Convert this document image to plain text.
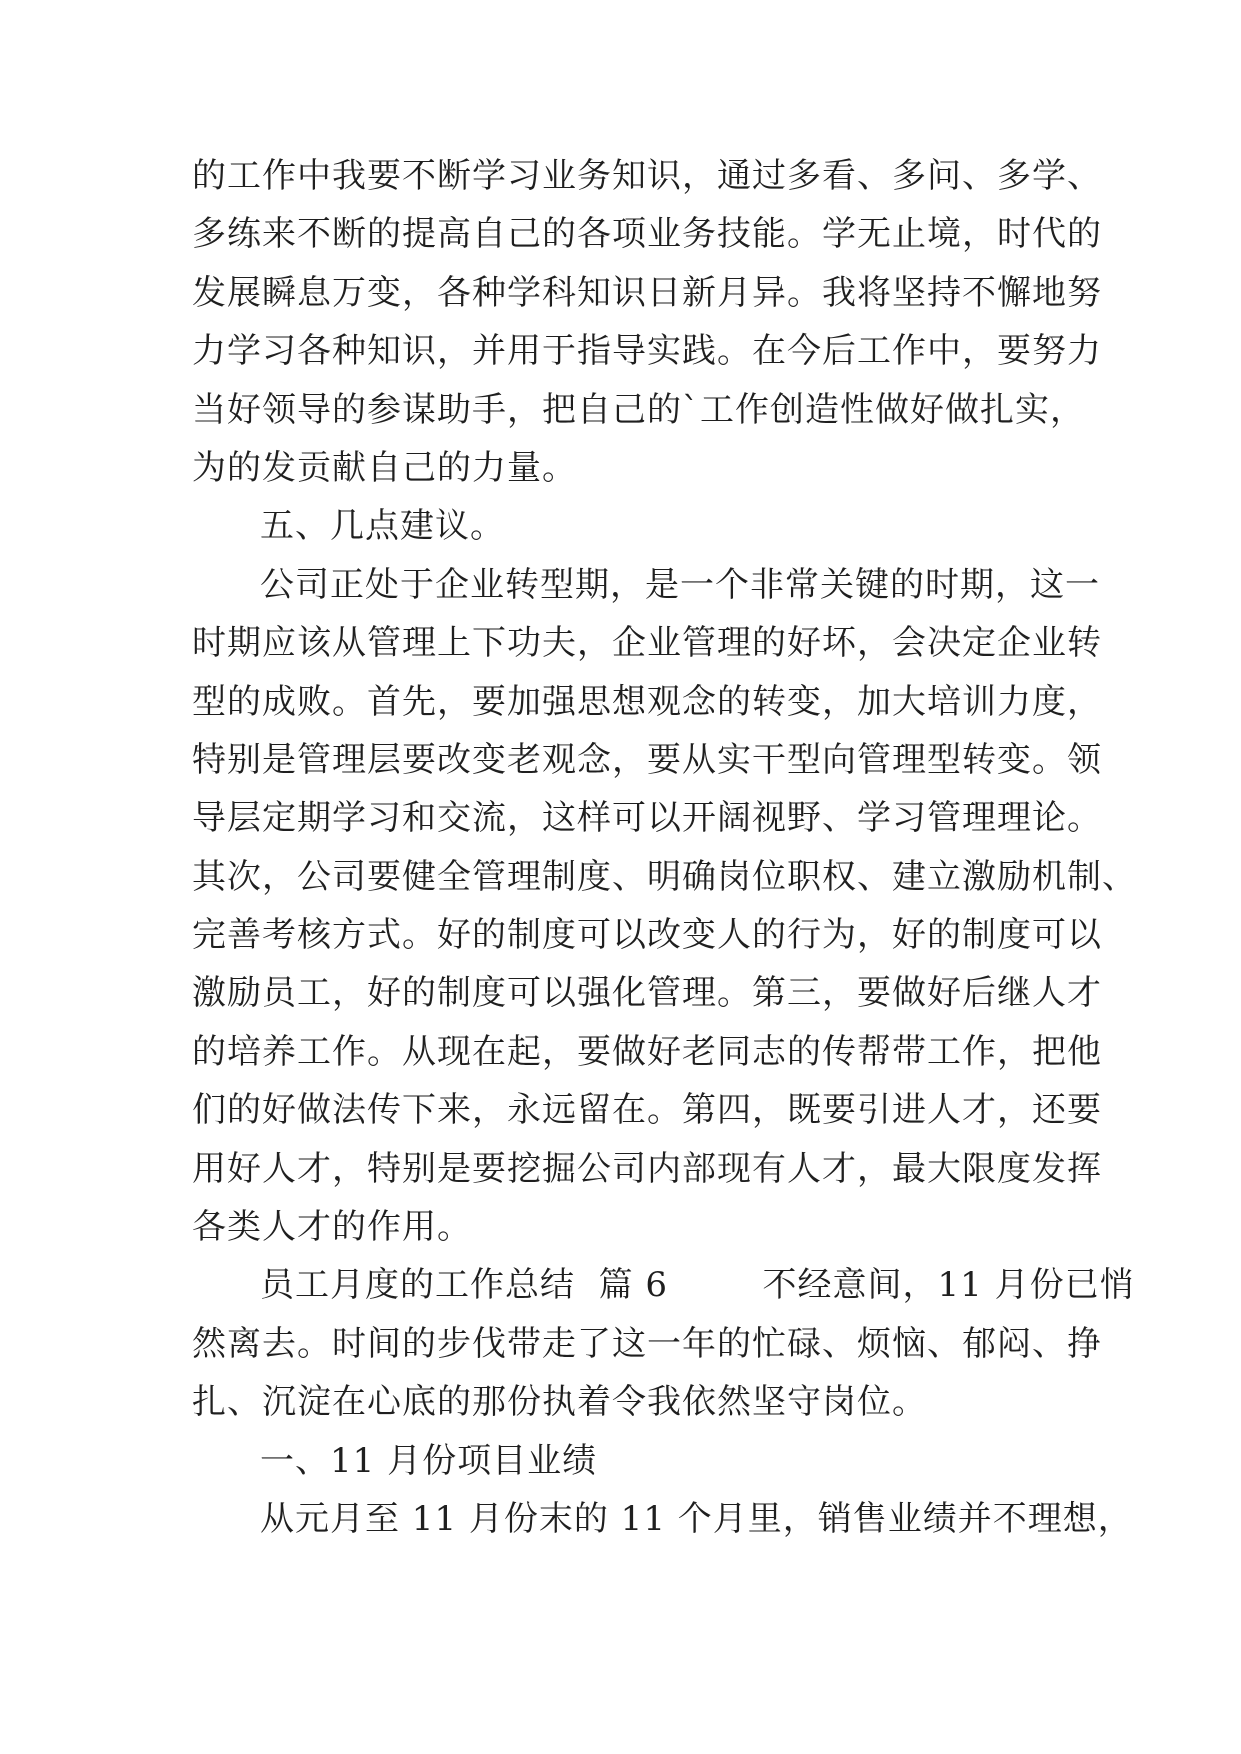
的工作中我要不断学习业务知识，通过多看、多问、多学、
多练来不断的提高自己的各项业务技能。学无止境，时代的
发展瞬息万变，各种学科知识日新月异。我将坚持不懈地努
力学习各种知识，并用于指导实践。在今后工作中，要努力
当好领导的参谋助手，把自己的`工作创造性做好做扎实，
为的发贡献自己的力量。
五、几点建议。
公司正处于企业转型期，是一个非常关键的时期，这一
时期应该从管理上下功夫，企业管理的好坏，会决定企业转
型的成败。首先，要加强思想观念的转变，加大培训力度，
特别是管理层要改变老观念，要从实干型向管理型转变。领
导层定期学习和交流，这样可以开阔视野、学习管理理论。
其次，公司要健全管理制度、明确岗位职权、建立激励机制、
完善考核方式。好的制度可以改变人的行为，好的制度可以
激励员工，好的制度可以强化管理。第三，要做好后继人才
的培养工作。从现在起，要做好老同志的传帮带工作，把他
们的好做法传下来，永远留在。第四，既要引进人才，还要
用好人才，特别是要挖掘公司内部现有人才，最大限度发挥
各类人才的作用。
员工月度的工作总结  篇 6        不经意间，11 月份已悄
然离去。时间的步伐带走了这一年的忙碌、烦恼、郁闷、挣
扎、沉淀在心底的那份执着令我依然坚守岗位。
一、11 月份项目业绩
从元月至 11 月份末的 11 个月里，销售业绩并不理想，
